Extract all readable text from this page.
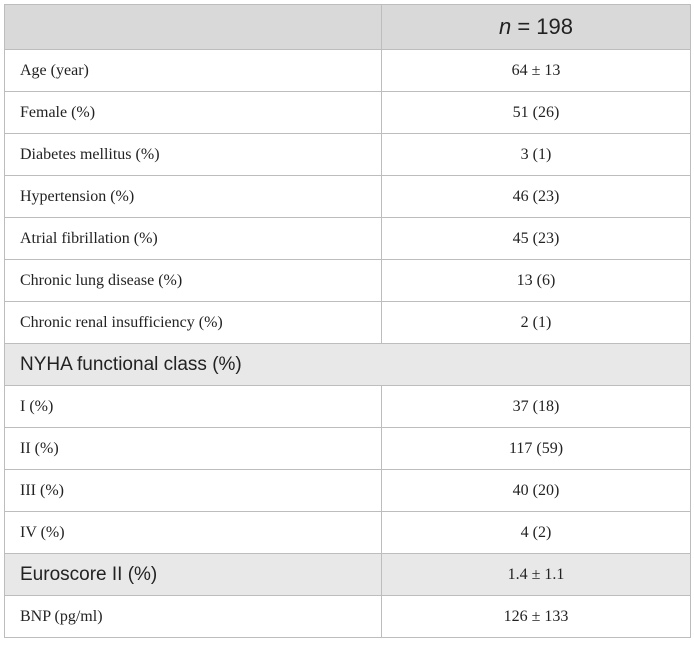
	n = 198
Age (year)	64 ± 13
Female (%)	51 (26)
Diabetes mellitus (%)	3 (1)
Hypertension (%)	46 (23)
Atrial fibrillation (%)	45 (23)
Chronic lung disease (%)	13 (6)
Chronic renal insufficiency (%)	2 (1)
NYHA functional class (%)	
I (%)	37 (18)
II (%)	117 (59)
III (%)	40 (20)
IV (%)	4 (2)
Euroscore II (%)	1.4 ± 1.1
BNP (pg/ml)	126 ± 133
